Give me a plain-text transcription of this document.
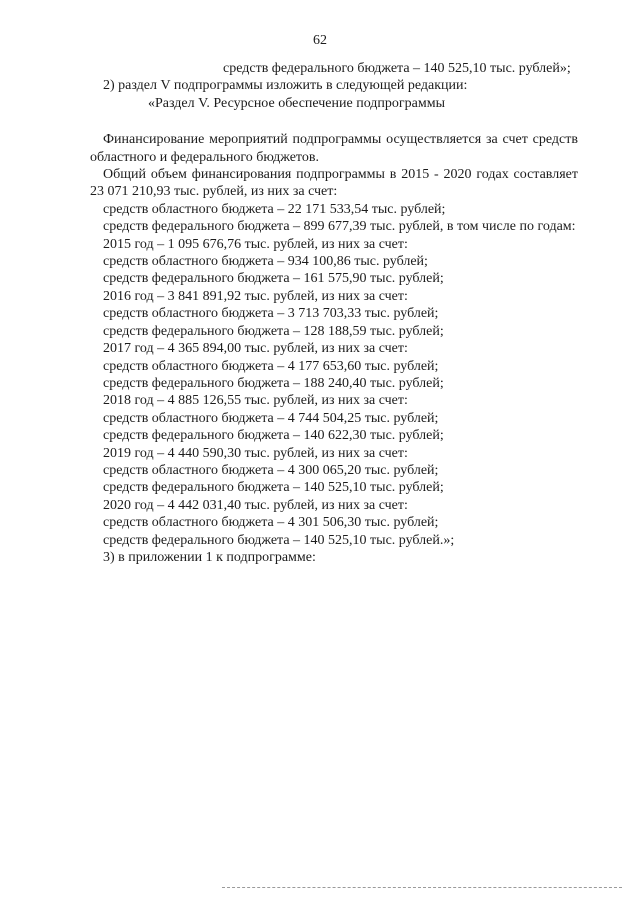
62

средств федерального бюджета – 140 525,10 тыс. рублей»;

2) раздел V подпрограммы изложить в следующей редакции:

«Раздел V. Ресурсное обеспечение подпрограммы

Финансирование мероприятий подпрограммы осуществляется за счет средств областного и федерального бюджетов.

Общий объем финансирования подпрограммы в 2015 - 2020 годах составляет 23 071 210,93 тыс. рублей, из них за счет:

средств областного бюджета – 22 171 533,54 тыс. рублей;

средств федерального бюджета – 899 677,39 тыс. рублей, в том числе по годам:

2015 год – 1 095 676,76 тыс. рублей, из них за счет:

средств областного бюджета – 934 100,86 тыс. рублей;

средств федерального бюджета – 161 575,90 тыс. рублей;

2016 год – 3 841 891,92 тыс. рублей, из них за счет:

средств областного бюджета – 3 713 703,33 тыс. рублей;

средств федерального бюджета – 128 188,59 тыс. рублей;

2017 год – 4 365 894,00 тыс. рублей, из них за счет:

средств областного бюджета – 4 177 653,60 тыс. рублей;

средств федерального бюджета – 188 240,40 тыс. рублей;

2018 год – 4 885 126,55 тыс. рублей, из них за счет:

средств областного бюджета – 4 744 504,25 тыс. рублей;

средств федерального бюджета – 140 622,30 тыс. рублей;

2019 год – 4 440 590,30 тыс. рублей, из них за счет:

средств областного бюджета – 4 300 065,20 тыс. рублей;

средств федерального бюджета – 140 525,10 тыс. рублей;

2020 год – 4 442 031,40 тыс. рублей, из них за счет:

средств областного бюджета – 4 301 506,30 тыс. рублей;

средств федерального бюджета – 140 525,10 тыс. рублей.»;

3) в приложении 1 к подпрограмме:
